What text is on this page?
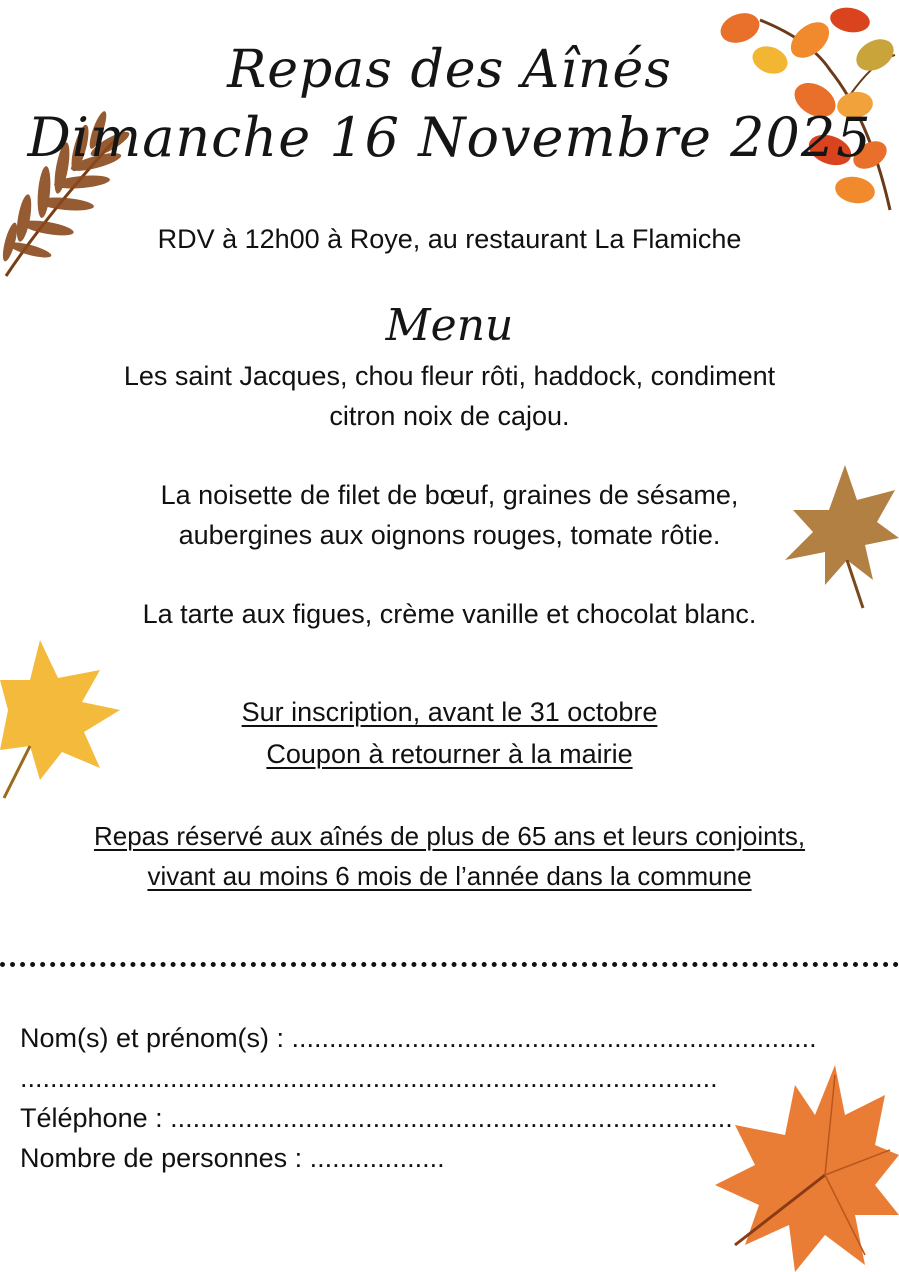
Repas des Aînés
Dimanche 16 Novembre 2025
RDV à 12h00 à Roye, au restaurant La Flamiche
Menu
Les saint Jacques, chou fleur rôti, haddock, condiment
citron noix de cajou.
La noisette de filet de bœuf, graines de sésame,
aubergines aux oignons rouges, tomate rôtie.
La tarte aux figues, crème vanille et chocolat blanc.
Sur inscription, avant le 31 octobre
Coupon à retourner à la mairie
Repas réservé aux aînés de plus de 65 ans et leurs conjoints,
vivant au moins 6 mois de l’année dans la commune
Nom(s) et prénom(s) : ......................................................................
.............................................................................................
Téléphone : ...........................................................................
Nombre de personnes : ..................
